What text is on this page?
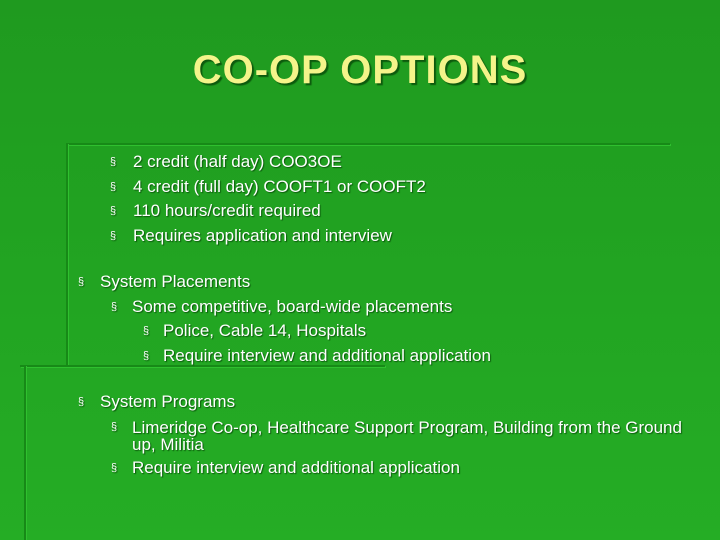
CO-OP OPTIONS
§ 2 credit (half day) COO3OE
§ 4 credit (full day) COOFT1 or COOFT2
§ 110 hours/credit required
§ Requires application and interview
§ System Placements
§ Some competitive, board-wide placements
§ Police, Cable 14, Hospitals
§ Require interview and additional application
§ System Programs
§ Limeridge Co-op, Healthcare Support Program, Building from the Ground up, Militia
§ Require interview and additional application
